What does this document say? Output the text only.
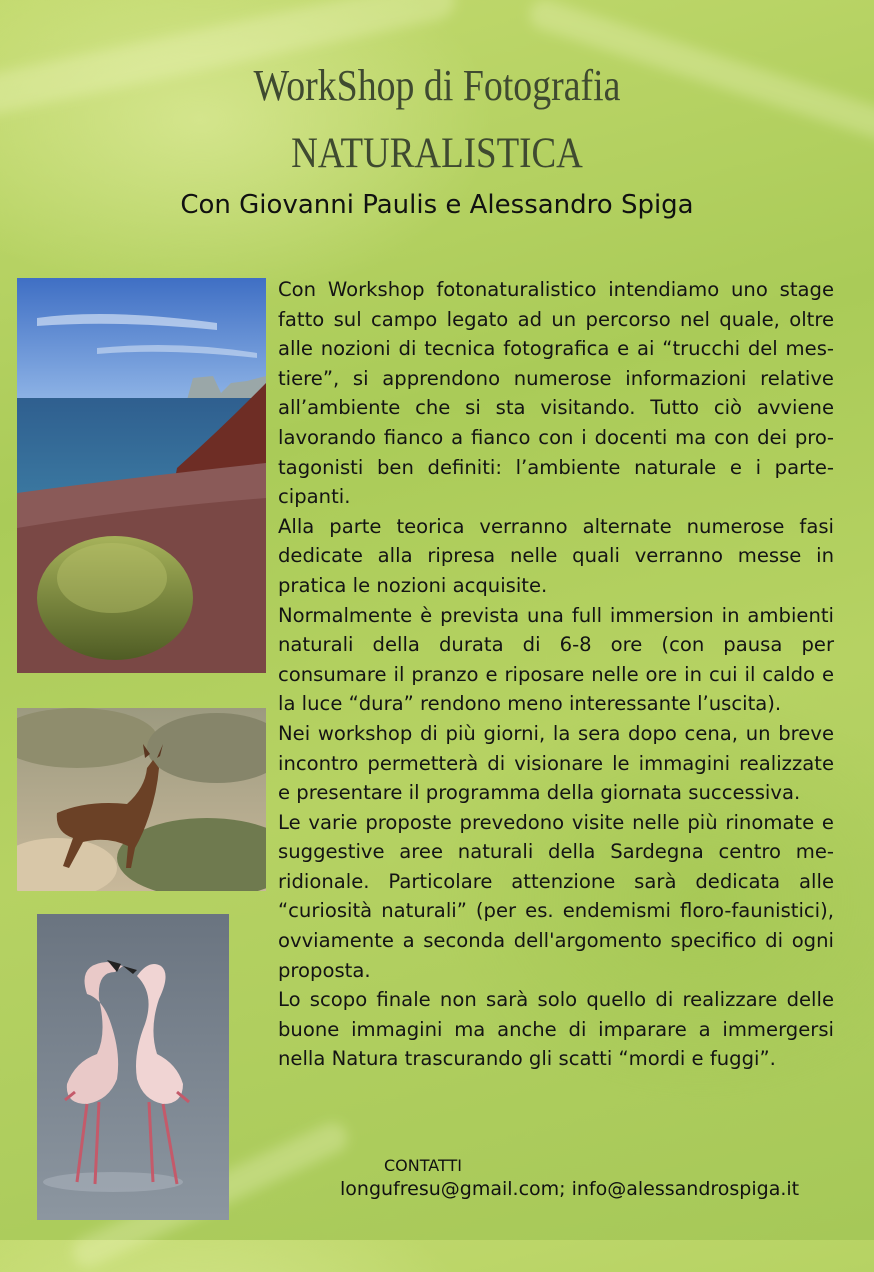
WorkShop di Fotografia
NATURALISTICA
Con Giovanni Paulis e Alessandro Spiga

Con Workshop fotonaturalistico intendiamo uno stage fatto sul campo legato ad un percorso nel quale, oltre alle nozioni di tecnica fotografica e ai “trucchi del mestiere”, si apprendono numerose informazioni relative all’ambiente che si sta visitando. Tutto ciò avviene lavorando fianco a fianco con i docenti ma con dei protagonisti ben definiti: l’ambiente naturale e i partecipanti.

Alla parte teorica verranno alternate numerose fasi dedicate alla ripresa nelle quali verranno messe in pratica le nozioni acquisite.

Normalmente è prevista una full immersion in ambienti naturali della durata di 6-8 ore (con pausa per consumare il pranzo e riposare nelle ore in cui il caldo e la luce “dura” rendono meno interessante l’uscita).

Nei workshop di più giorni, la sera dopo cena, un breve incontro permetterà di visionare le immagini realizzate e presentare il programma della giornata successiva.

Le varie proposte prevedono visite nelle più rinomate e suggestive aree naturali della Sardegna centro meridionale. Particolare attenzione sarà dedicata alle “curiosità naturali” (per es. endemismi floro-faunistici), ovviamente a seconda dell'argomento specifico di ogni proposta.

Lo scopo finale non sarà solo quello di realizzare delle buone immagini ma anche di imparare a immergersi nella Natura trascurando gli scatti “mordi e fuggi”.

CONTATTI
longufresu@gmail.com; info@alessandrospiga.it
